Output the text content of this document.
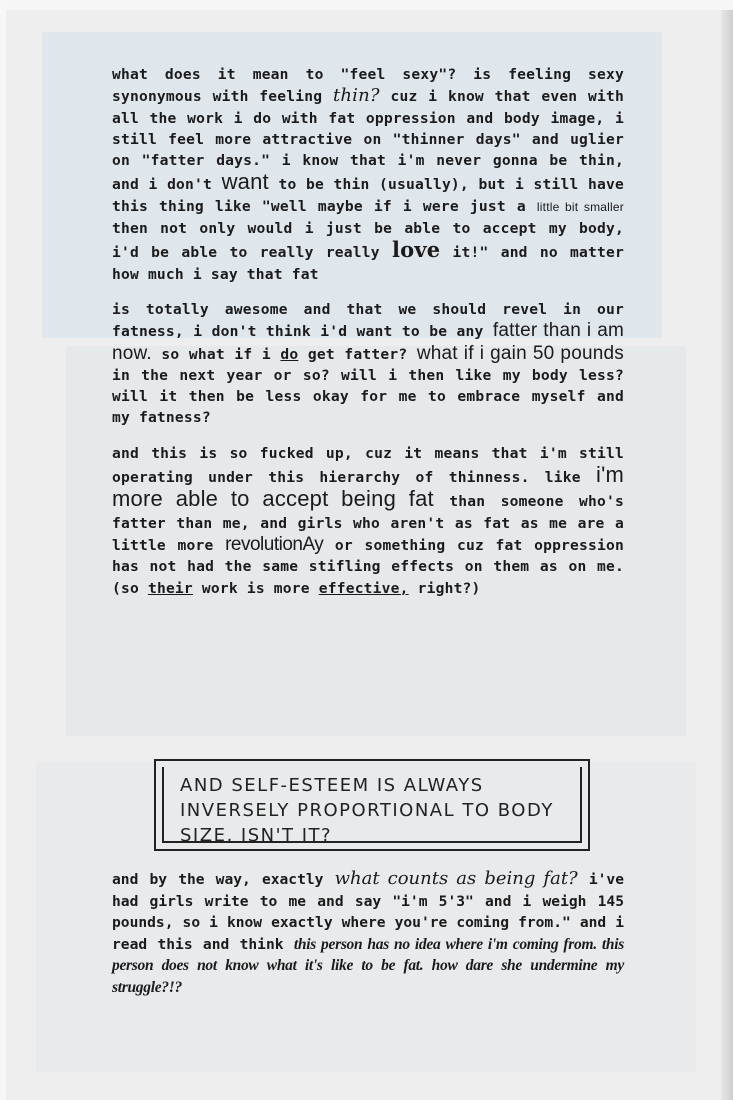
what does it mean to "feel sexy"? is feeling sexy synonymous with feeling thin? cuz i know that even with all the work i do with fat oppression and body image, i still feel more attractive on "thinner days" and uglier on "fatter days." i know that i'm never gonna be thin, and i don't want to be thin (usually), but i still have this thing like "well maybe if i were just a little bit smaller then not only would i just be able to accept my body, i'd be able to really really love it!" and no matter how much i say that fat

is totally awesome and that we should revel in our fatness, i don't think i'd want to be any fatter than i am now. so what if i do get fatter? what if i gain 50 pounds in the next year or so? will i then like my body less? will it then be less okay for me to embrace myself and my fatness?

and this is so fucked up, cuz it means that i'm still operating under this hierarchy of thinness. like i'm more able to accept being fat than someone who's fatter than me, and girls who aren't as fat as me are a little more revolutionAy or something cuz fat oppression has not had the same stifling effects on them as on me. (so their work is more effective, right?)

AND SELF-ESTEEM IS ALWAYS INVERSELY PROPORTIONAL TO BODY SIZE, ISN'T IT?

and by the way, exactly what counts as being fat? i've had girls write to me and say "i'm 5'3" and i weigh 145 pounds, so i know exactly where you're coming from." and i read this and think this person has no idea where i'm coming from. this person does not know what it's like to be fat. how dare she undermine my struggle?!?
